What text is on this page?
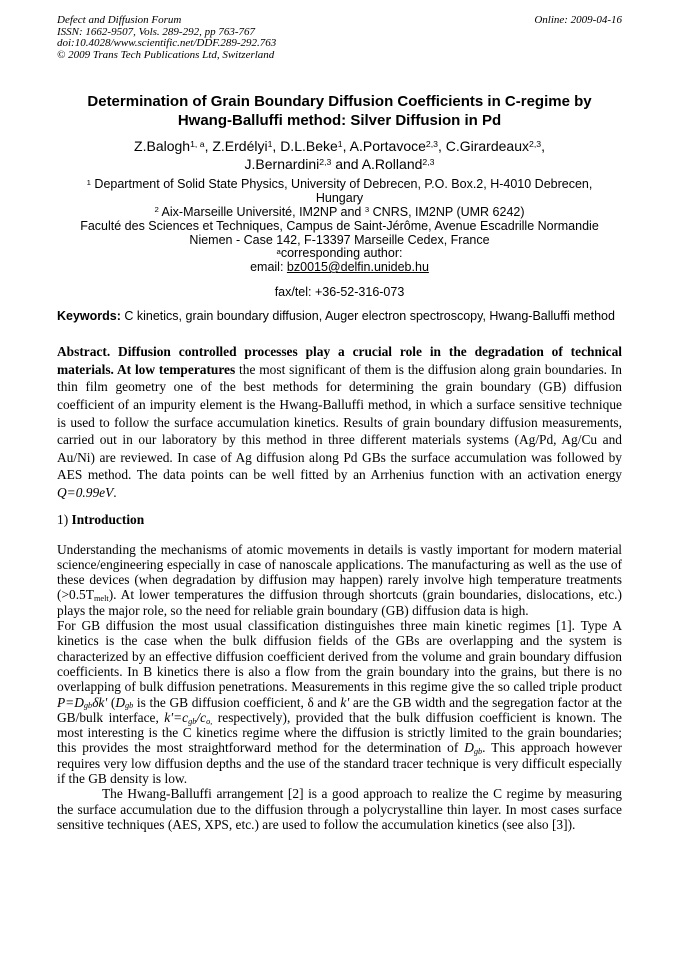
Defect and Diffusion Forum
ISSN: 1662-9507, Vols. 289-292, pp 763-767
doi:10.4028/www.scientific.net/DDF.289-292.763
© 2009 Trans Tech Publications Ltd, Switzerland
Online: 2009-04-16
Determination of Grain Boundary Diffusion Coefficients in C-regime by
Hwang-Balluffi method: Silver Diffusion in Pd
Z.Balogh$^{1, a}$, Z.Erdélyi$^1$, D.L.Beke$^1$, A.Portavoce$^{2,3}$, C.Girardeaux$^{2,3}$,
J.Bernardini$^{2,3}$ and A.Rolland$^{2,3}$
$^1$ Department of Solid State Physics, University of Debrecen, P.O. Box.2, H-4010 Debrecen,
Hungary
$^2$ Aix-Marseille Université, IM2NP and $^3$ CNRS, IM2NP (UMR 6242)
Faculté des Sciences et Techniques, Campus de Saint-Jérôme, Avenue Escadrille Normandie
Niemen - Case 142, F-13397 Marseille Cedex, France
$^a$corresponding author:
email: bz0015@delfin.unideb.hu
fax/tel: +36-52-316-073

Keywords: C kinetics, grain boundary diffusion, Auger electron spectroscopy, Hwang-Balluffi method

Abstract. Diffusion controlled processes play a crucial role in the degradation of technical materials. At low temperatures the most significant of them is the diffusion along grain boundaries. In thin film geometry one of the best methods for determining the grain boundary (GB) diffusion coefficient of an impurity element is the Hwang-Balluffi method, in which a surface sensitive technique is used to follow the surface accumulation kinetics. Results of grain boundary diffusion measurements, carried out in our laboratory by this method in three different materials systems (Ag/Pd, Ag/Cu and Au/Ni) are reviewed. In case of Ag diffusion along Pd GBs the surface accumulation was followed by AES method. The data points can be well fitted by an Arrhenius function with an activation energy Q=0.99eV.

1) Introduction

Understanding the mechanisms of atomic movements in details is vastly important for modern material science/engineering especially in case of nanoscale applications. The manufacturing as well as the use of these devices (when degradation by diffusion may happen) rarely involve high temperature treatments $(>0.5T_{melt})$. At lower temperatures the diffusion through shortcuts (grain boundaries, dislocations, etc.) plays the major role, so the need for reliable grain boundary (GB) diffusion data is high.

For GB diffusion the most usual classification distinguishes three main kinetic regimes [1]. Type A kinetics is the case when the bulk diffusion fields of the GBs are overlapping and the system is characterized by an effective diffusion coefficient derived from the volume and grain boundary diffusion coefficients. In B kinetics there is also a flow from the grain boundary into the grains, but there is no overlapping of bulk diffusion penetrations. Measurements in this regime give the so called triple product $P=D_{gb}\delta k'$ ($D_{gb}$ is the GB diffusion coefficient, δ and k' are the GB width and the segregation factor at the GB/bulk interface, $k'=c_{gb}/c_{o,}$ respectively), provided that the bulk diffusion coefficient is known. The most interesting is the C kinetics regime where the diffusion is strictly limited to the grain boundaries; this provides the most straightforward method for the determination of $D_{gb}$. This approach however requires very low diffusion depths and the use of the standard tracer technique is very difficult especially if the GB density is low.

The Hwang-Balluffi arrangement [2] is a good approach to realize the C regime by measuring the surface accumulation due to the diffusion through a polycrystalline thin layer. In most cases surface sensitive techniques (AES, XPS, etc.) are used to follow the accumulation kinetics (see also [3]).
